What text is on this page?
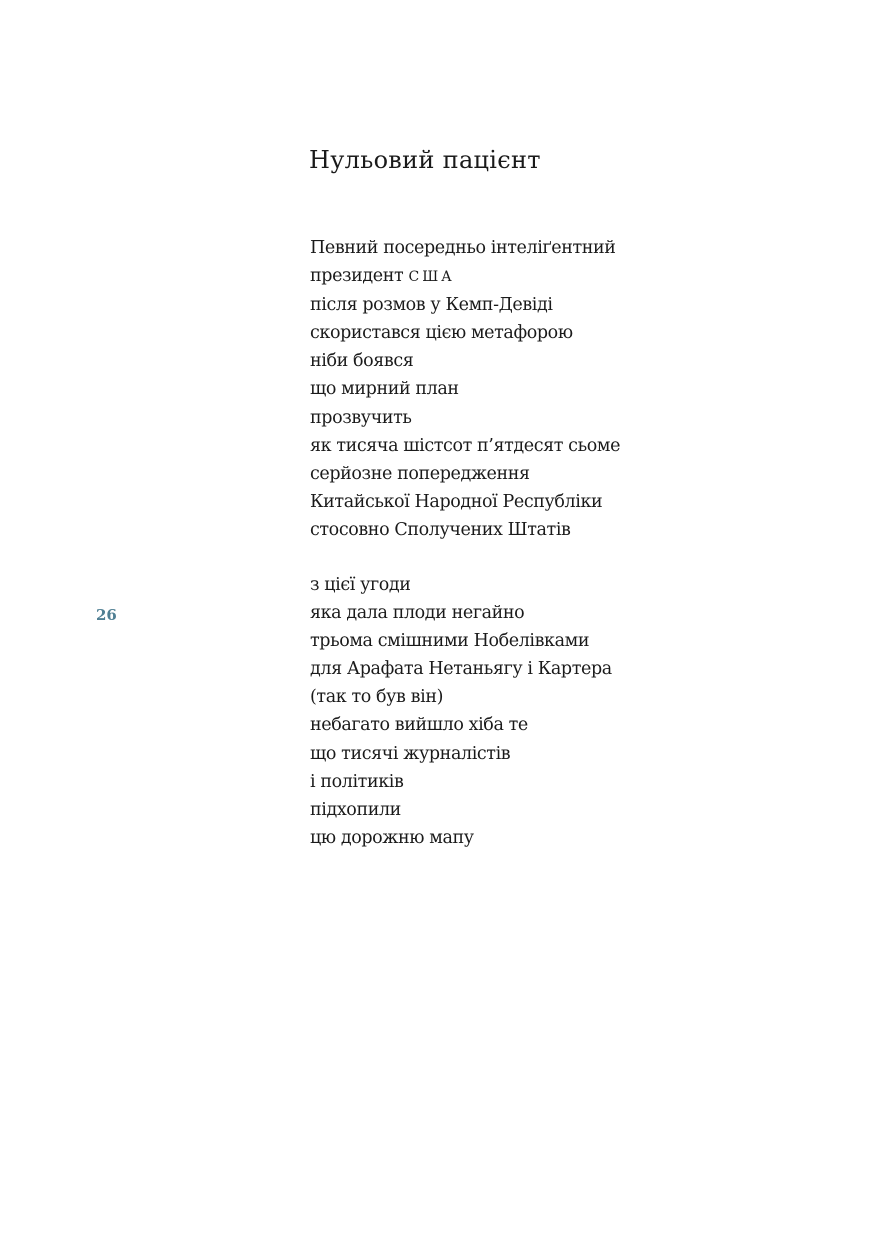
Нульовий пацієнт
Певний посередньо інтеліґентний
президент США
після розмов у Кемп-Девіді
скористався цією метафорою
ніби боявся
що мирний план
прозвучить
як тисяча шістсот п’ятдесят сьоме
серйозне попередження
Китайської Народної Республіки
стосовно Сполучених Штатів
з цієї угоди
яка дала плоди негайно
трьома смішними Нобелівками
для Арафата Нетаньягу і Картера
(так то був він)
небагато вийшло хіба те
що тисячі журналістів
і політиків
підхопили
цю дорожню мапу
26
